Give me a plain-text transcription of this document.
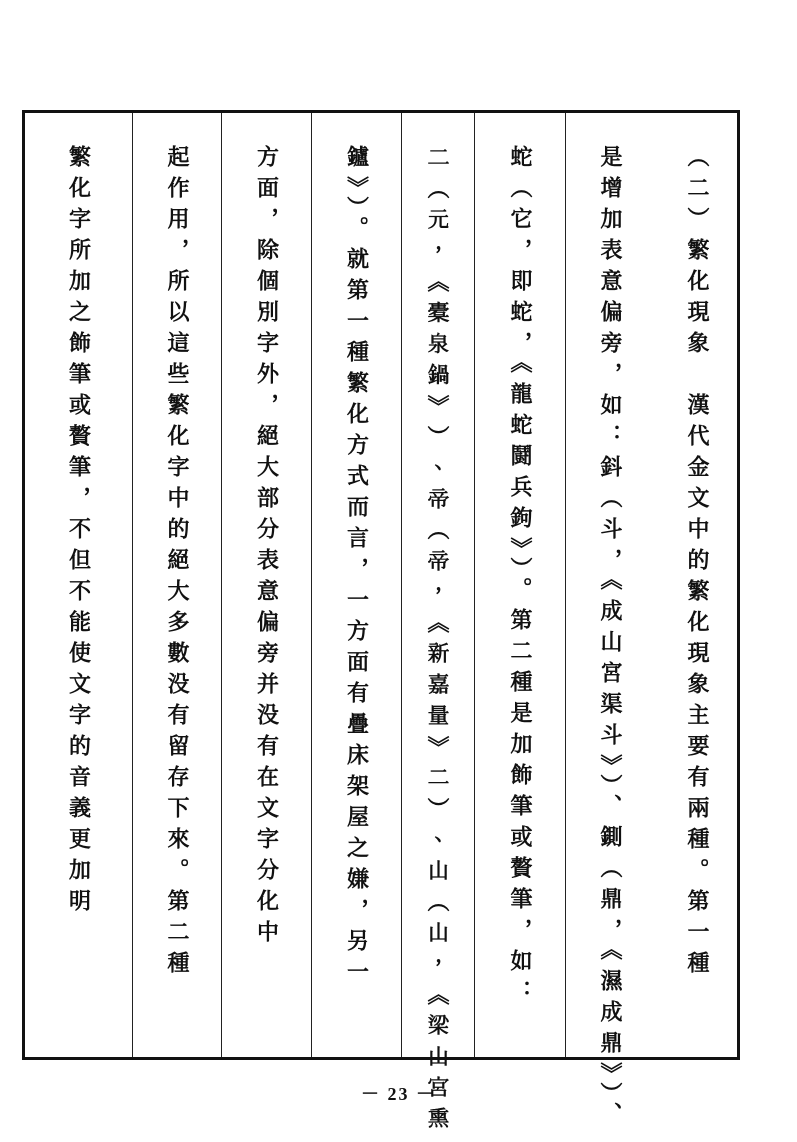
（二）繁化現象　漢代金文中的繁化現象主要有兩種。第一種
是增加表意偏旁，如：鈄（斗，《成山宮渠斗》）、鍘（鼎，《濕成鼎》）、
蛇（它，即蛇，《龍蛇鬪兵鉤》）。第二種是加飾筆或贅筆，如：
𠄞（元，《橐泉鍋》）、帝（帝，《新嘉量》二）、山（山，《梁山宮熏
鑪》）。就第一種繁化方式而言，一方面有疊床架屋之嫌，另一
方面，除個別字外，絕大部分表意偏旁并没有在文字分化中
起作用，所以這些繁化字中的絕大多數没有留存下來。第二種
繁化字所加之飾筆或贅筆，不但不能使文字的音義更加明
－ 23 －
